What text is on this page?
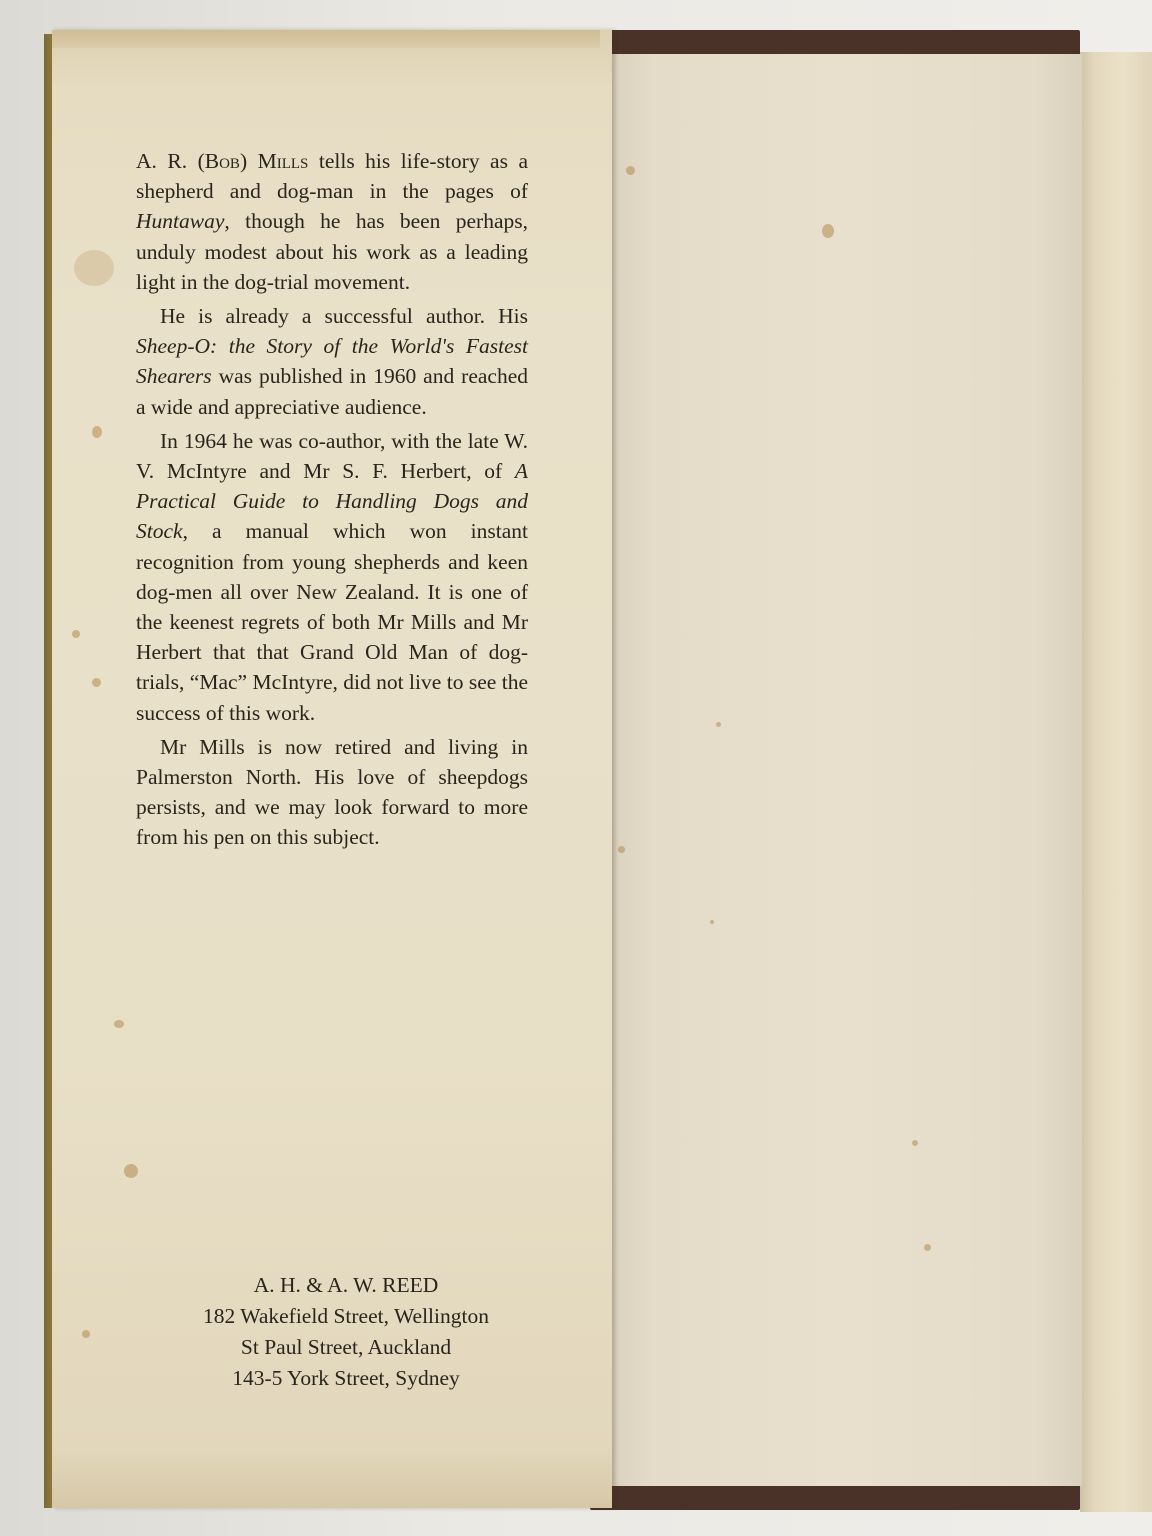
A. R. (Bob) Mills tells his life-story as a shepherd and dog-man in the pages of Huntaway, though he has been perhaps, unduly modest about his work as a leading light in the dog-trial movement.

He is already a successful author. His Sheep-O: the Story of the World's Fastest Shearers was published in 1960 and reached a wide and appreciative audience.

In 1964 he was co-author, with the late W. V. McIntyre and Mr S. F. Herbert, of A Practical Guide to Handling Dogs and Stock, a manual which won instant recognition from young shepherds and keen dog-men all over New Zealand. It is one of the keenest regrets of both Mr Mills and Mr Herbert that that Grand Old Man of dog-trials, “Mac” McIntyre, did not live to see the success of this work.

Mr Mills is now retired and living in Palmerston North. His love of sheepdogs persists, and we may look forward to more from his pen on this subject.

A. H. & A. W. REED
182 Wakefield Street, Wellington
St Paul Street, Auckland
143-5 York Street, Sydney
